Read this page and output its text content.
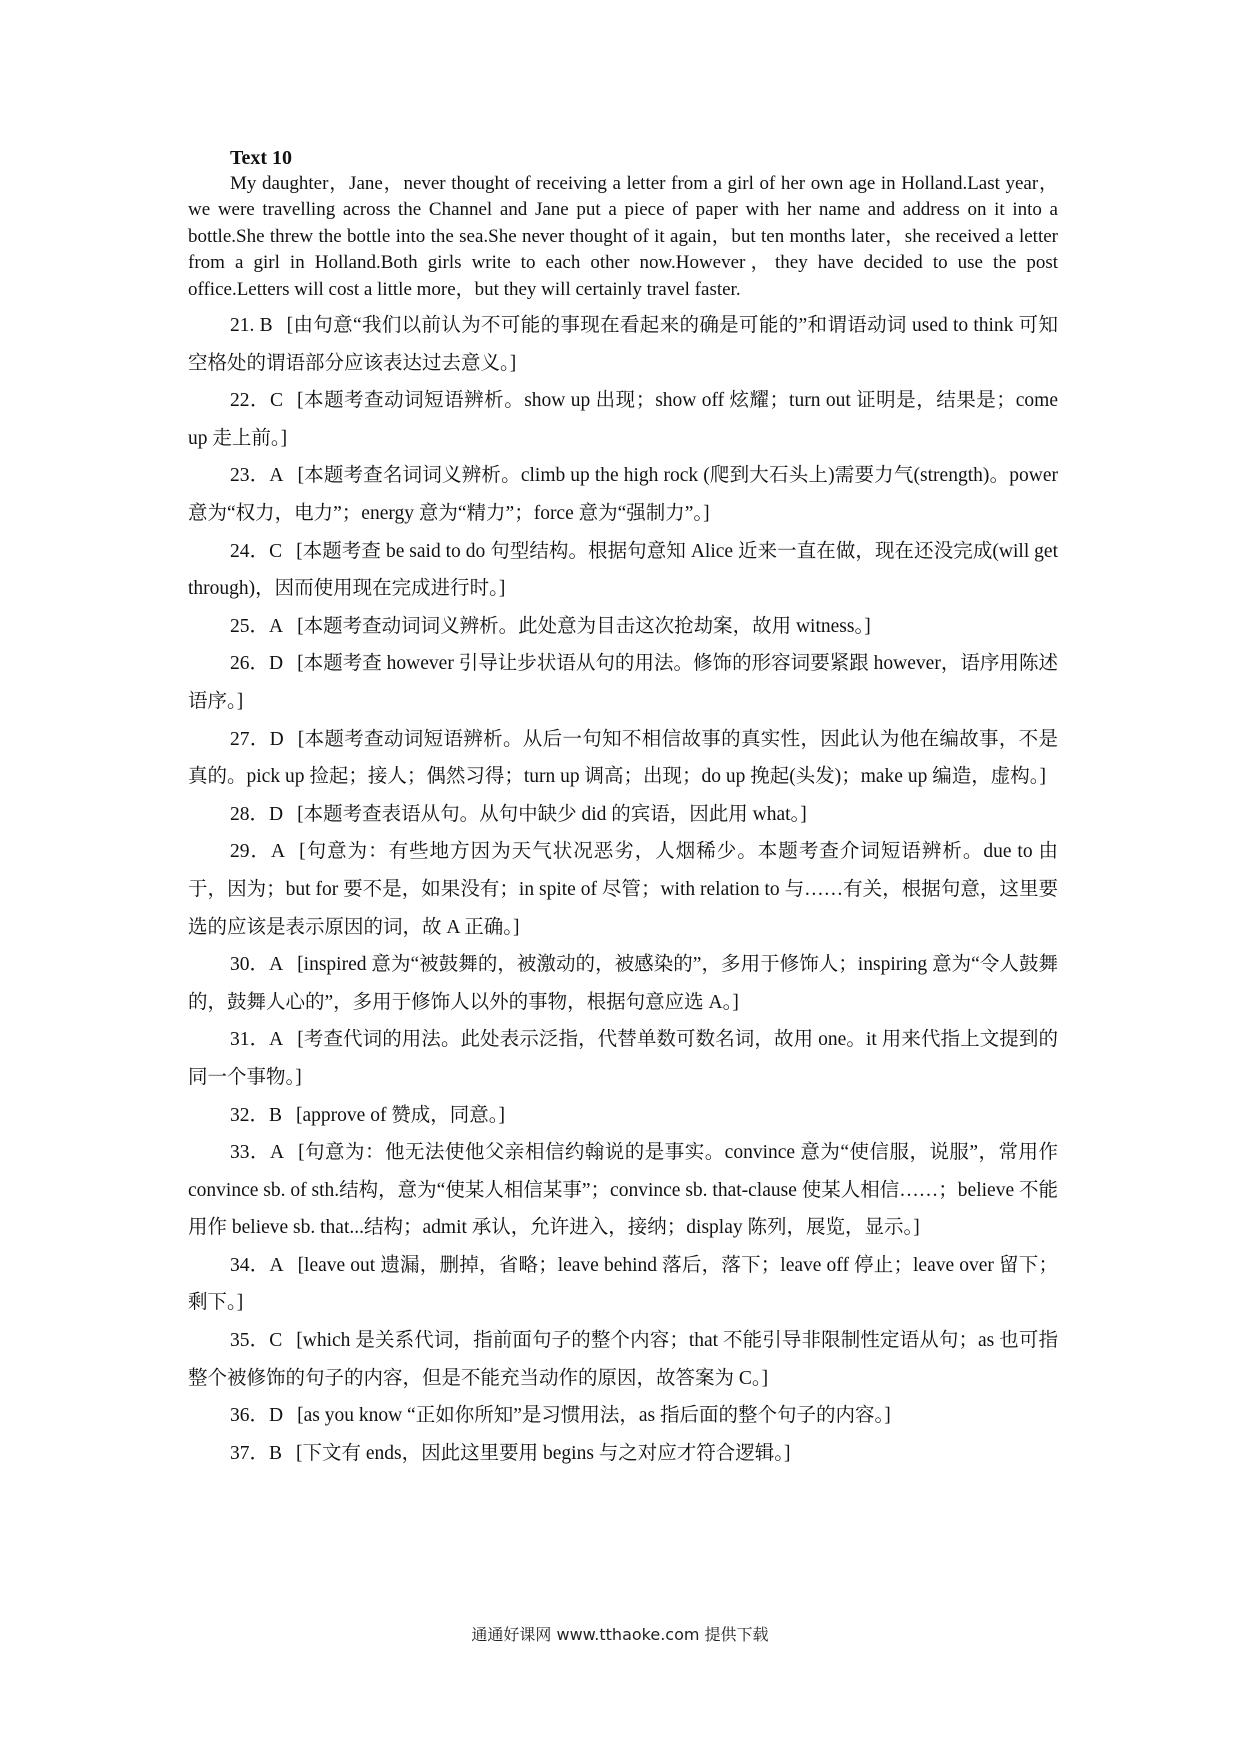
Text 10

My daughter，Jane，never thought of receiving a letter from a girl of her own age in Holland.Last year，we were travelling across the Channel and Jane put a piece of paper with her name and address on it into a bottle.She threw the bottle into the sea.She never thought of it again，but ten months later，she received a letter from a girl in Holland.Both girls write to each other now.However，they have decided to use the post office.Letters will cost a little more，but they will certainly travel faster.

21. B [由句意“我们以前认为不可能的事现在看起来的确是可能的”和谓语动词 used to think 可知空格处的谓语部分应该表达过去意义。]

22．C [本题考查动词短语辨析。show up 出现；show off 炫耀；turn out 证明是，结果是；come up 走上前。]

23．A [本题考查名词词义辨析。climb up the high rock (爬到大石头上)需要力气(strength)。power 意为“权力，电力”；energy 意为“精力”；force 意为“强制力”。]

24．C [本题考查 be said to do 句型结构。根据句意知 Alice 近来一直在做，现在还没完成(will get through)，因而使用现在完成进行时。]

25．A [本题考查动词词义辨析。此处意为目击这次抢劫案，故用 witness。]

26．D [本题考查 however 引导让步状语从句的用法。修饰的形容词要紧跟 however，语序用陈述语序。]

27．D [本题考查动词短语辨析。从后一句知不相信故事的真实性，因此认为他在编故事，不是真的。pick up 捡起；接人；偶然习得；turn up 调高；出现；do up 挽起(头发)；make up 编造，虚构。]

28．D [本题考查表语从句。从句中缺少 did 的宾语，因此用 what。]

29．A [句意为：有些地方因为天气状况恶劣，人烟稀少。本题考查介词短语辨析。due to 由于，因为；but for 要不是，如果没有；in spite of 尽管；with relation to 与……有关，根据句意，这里要选的应该是表示原因的词，故 A 正确。]

30．A [inspired 意为“被鼓舞的，被激动的，被感染的”，多用于修饰人；inspiring 意为“令人鼓舞的，鼓舞人心的”，多用于修饰人以外的事物，根据句意应选 A。]

31．A [考查代词的用法。此处表示泛指，代替单数可数名词，故用 one。it 用来代指上文提到的同一个事物。]

32．B [approve of 赞成，同意。]

33．A [句意为：他无法使他父亲相信约翰说的是事实。convince 意为“使信服，说服”，常用作 convince sb. of sth.结构，意为“使某人相信某事”；convince sb. that-clause 使某人相信……；believe 不能用作 believe sb. that...结构；admit 承认，允许进入，接纳；display 陈列，展览，显示。]

34．A [leave out 遗漏，删掉，省略；leave behind 落后，落下；leave off 停止；leave over 留下；剩下。]

35．C [which 是关系代词，指前面句子的整个内容；that 不能引导非限制性定语从句；as 也可指整个被修饰的句子的内容，但是不能充当动作的原因，故答案为 C。]

36．D [as you know “正如你所知”是习惯用法，as 指后面的整个句子的内容。]

37．B [下文有 ends，因此这里要用 begins 与之对应才符合逻辑。]

通通好课网 www.tthaoke.com 提供下载
